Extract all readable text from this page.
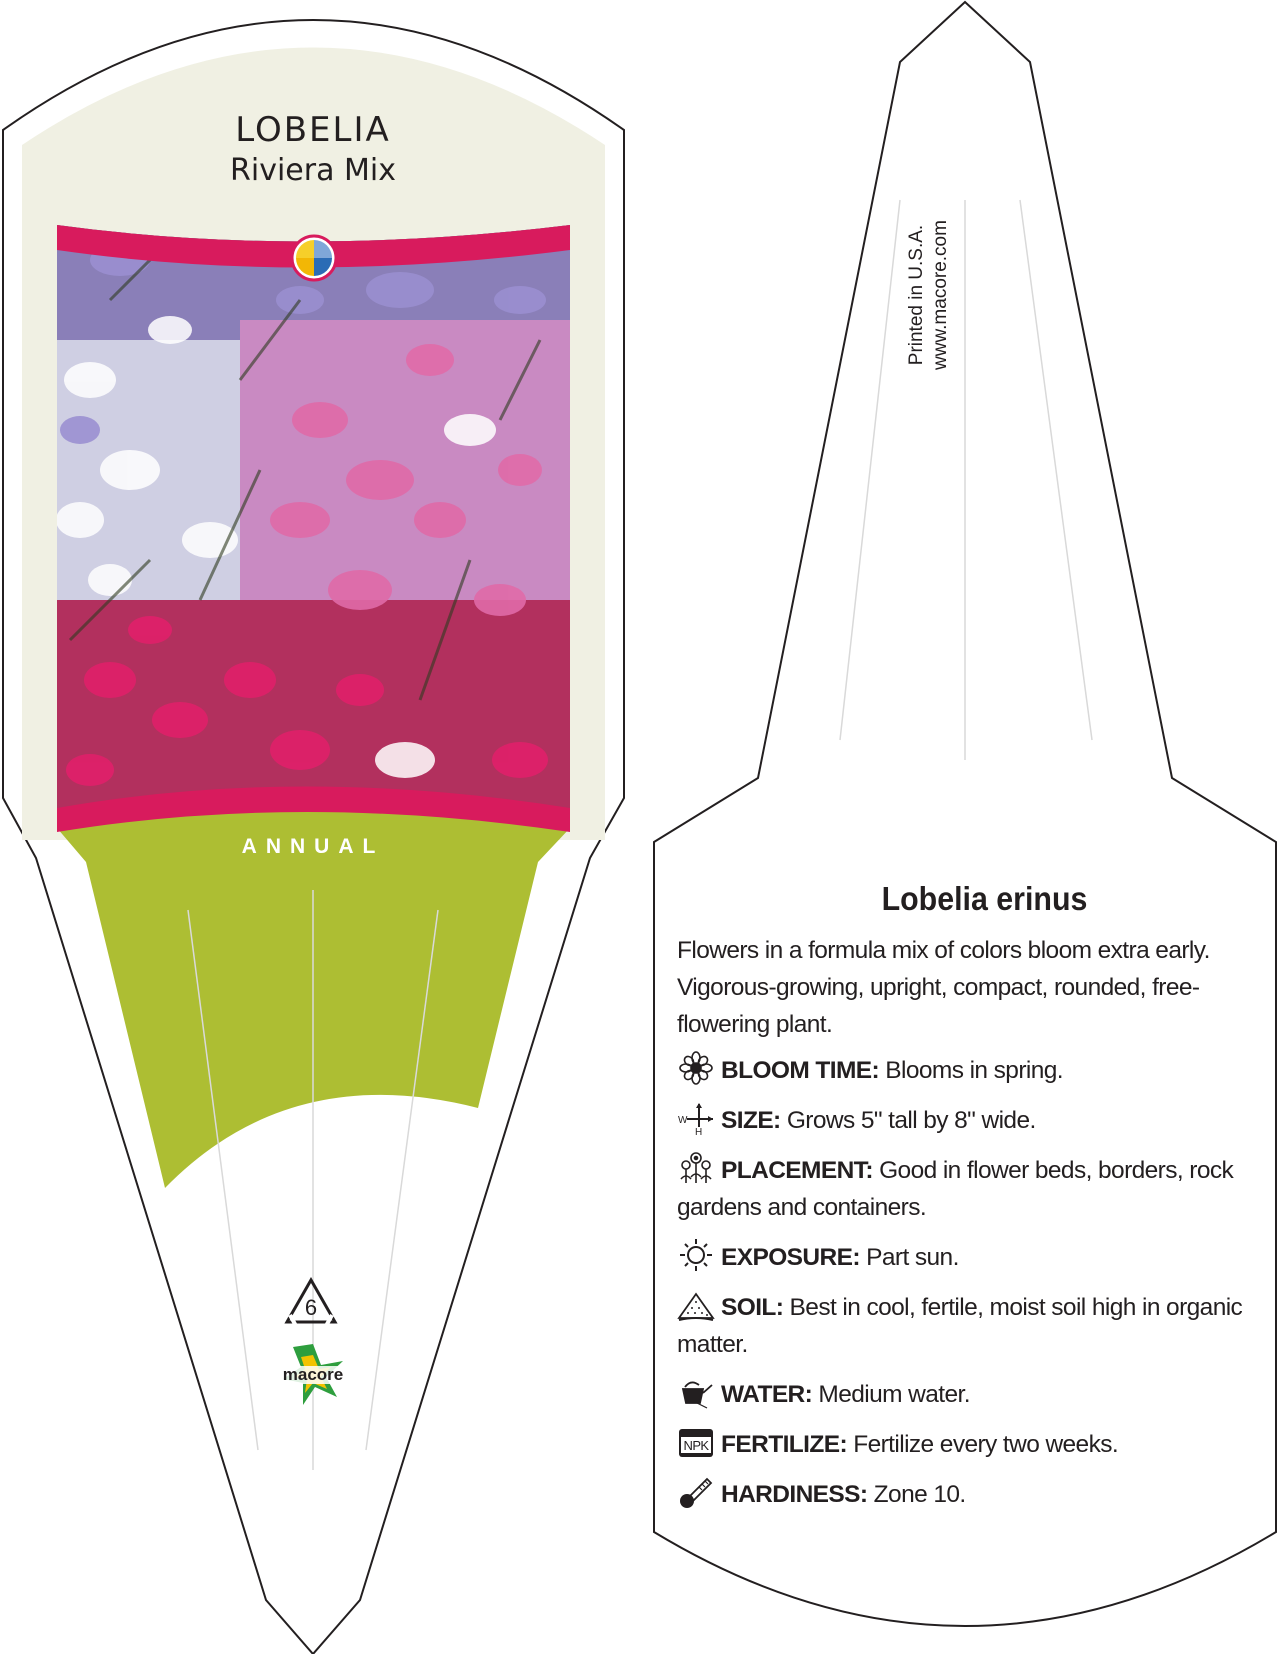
LOBELIA
Riviera Mix
ANNUAL
6
macore
Printed in U.S.A. www.macore.com
Lobelia erinus
Flowers in a formula mix of colors bloom extra early. Vigorous-growing, upright, compact, rounded, free-flowering plant.
BLOOM TIME: Blooms in spring.
W
H SIZE: Grows 5" tall by 8" wide.
PLACEMENT: Good in flower beds, borders, rock gardens and containers.
EXPOSURE: Part sun.
SOIL: Best in cool, fertile, moist soil high in organic matter.
WATER: Medium water.
NPK FERTILIZE: Fertilize every two weeks.
HARDINESS: Zone 10.
